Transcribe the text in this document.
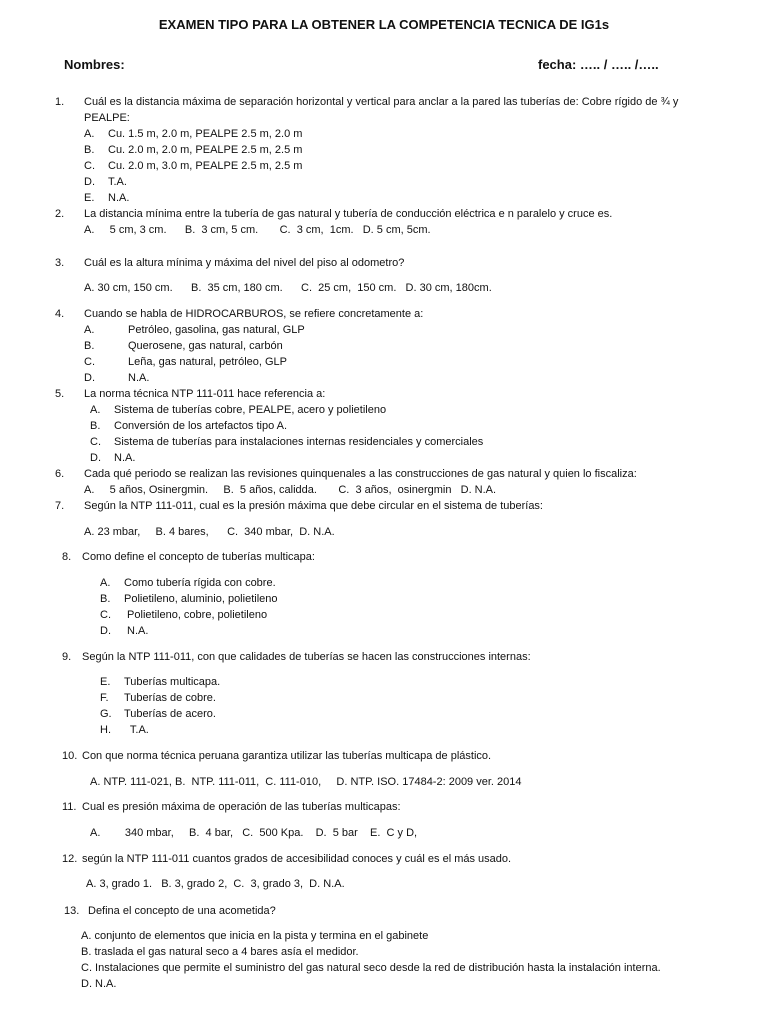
EXAMEN TIPO PARA LA OBTENER LA COMPETENCIA TECNICA DE IG1s
Nombres:	fecha: ….. / ….. /…..
1. Cuál es la distancia máxima de separación horizontal y vertical para anclar a la pared las tuberías de: Cobre rígido de ¾ y
PEALPE:
A. Cu. 1.5 m, 2.0 m, PEALPE 2.5 m, 2.0 m
B. Cu. 2.0 m, 2.0 m, PEALPE 2.5 m, 2.5 m
C. Cu. 2.0 m, 3.0 m, PEALPE 2.5 m, 2.5 m
D. T.A.
E. N.A.
2. La distancia mínima entre la tubería de gas natural y tubería de conducción eléctrica e n paralelo y cruce es.
A.     5 cm, 3 cm.      B.  3 cm, 5 cm.       C.  3 cm,  1cm.   D. 5 cm, 5cm.
3. Cuál es la altura mínima y máxima del nivel del piso al odometro?
A. 30 cm, 150 cm.      B.  35 cm, 180 cm.      C.  25 cm,  150 cm.   D. 30 cm, 180cm.
4. Cuando se habla de HIDROCARBUROS, se refiere concretamente a:
A.	Petróleo, gasolina, gas natural, GLP
B.	Querosene, gas natural, carbón
C.	Leña, gas natural, petróleo, GLP
D.	N.A.
5. La norma técnica NTP 111-011 hace referencia a:
A. Sistema de tuberías cobre, PEALPE, acero y polietileno
B. Conversión de los artefactos tipo A.
C. Sistema de tuberías para instalaciones internas residenciales y comerciales
D. N.A.
6. Cada qué periodo se realizan las revisiones quinquenales a las construcciones de gas natural y quien lo fiscaliza:
A.     5 años, Osinergmin.     B.  5 años, calidda.       C.  3 años,  osinergmin   D. N.A.
7. Según la NTP 111-011, cual es la presión máxima que debe circular en el sistema de tuberías:
A. 23 mbar,     B. 4 bares,      C.  340 mbar,  D. N.A.
8. Como define el concepto de tuberías multicapa:
A. Como tubería rígida con cobre.
B. Polietileno, aluminio, polietileno
C. Polietileno, cobre, polietileno
D. N.A.
9. Según la NTP 111-011, con que calidades de tuberías se hacen las construcciones internas:
E. Tuberías multicapa.
F. Tuberías de cobre.
G. Tuberías de acero.
H. T.A.
10. Con que norma técnica peruana garantiza utilizar las tuberías multicapa de plástico.
A. NTP. 111-021, B.  NTP. 111-011,  C. 111-010,     D. NTP. ISO. 17484-2: 2009 ver. 2014
11. Cual es presión máxima de operación de las tuberías multicapas:
A.        340 mbar,     B.  4 bar,   C.  500 Kpa.    D.  5 bar    E.  C y D,
12. según la NTP 111-011 cuantos grados de accesibilidad conoces y cuál es el más usado.
A. 3, grado 1.   B. 3, grado 2,  C.  3, grado 3,  D. N.A.
13. Defina el concepto de una acometida?
A. conjunto de elementos que inicia en la pista y termina en el gabinete
B. traslada el gas natural seco a 4 bares asía el medidor.
C. Instalaciones que permite el suministro del gas natural seco desde la red de distribución hasta la instalación interna.
D. N.A.
